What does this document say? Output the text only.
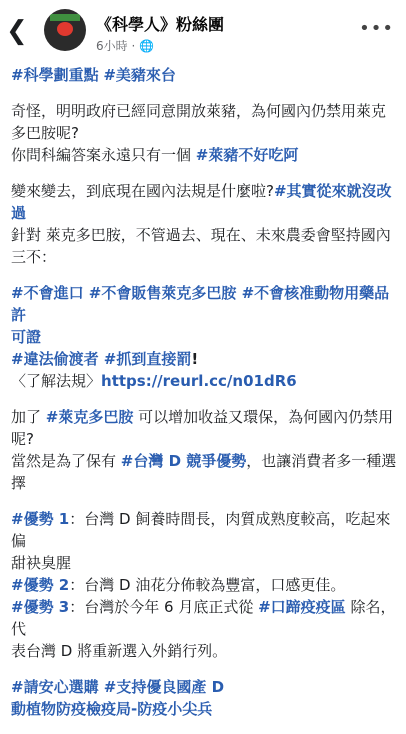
❮	《科學人》粉絲團
6小時 · 🌐
•••
#科學劃重點 #美豬來台
奇怪，明明政府已經同意開放萊豬，為何國內仍禁用萊克
多巴胺呢?
你問科編答案永遠只有一個 #萊豬不好吃阿
變來變去，到底現在國內法規是什麼啦?#其實從來就沒改
過
針對 萊克多巴胺，不管過去、現在、未來農委會堅持國內
三不：
#不會進口 #不會販售萊克多巴胺 #不會核准動物用藥品許
可證
#違法偷渡者 #抓到直接罰!
〈了解法規〉https://reurl.cc/n01dR6
加了 #萊克多巴胺 可以增加收益又環保，為何國內仍禁用
呢?
當然是為了保有 #台灣 D 競爭優勢，也讓消費者多一種選
擇
#優勢 1：台灣 D 飼養時間長，肉質成熟度較高，吃起來偏
甜袂臭腥
#優勢 2：台灣 D 油花分佈較為豐富，口感更佳。
#優勢 3：台灣於今年 6 月底正式從 #口蹄疫疫區 除名，代
表台灣 D 將重新選入外銷行列。
#請安心選購 #支持優良國產 D
動植物防疫檢疫局-防疫小尖兵
